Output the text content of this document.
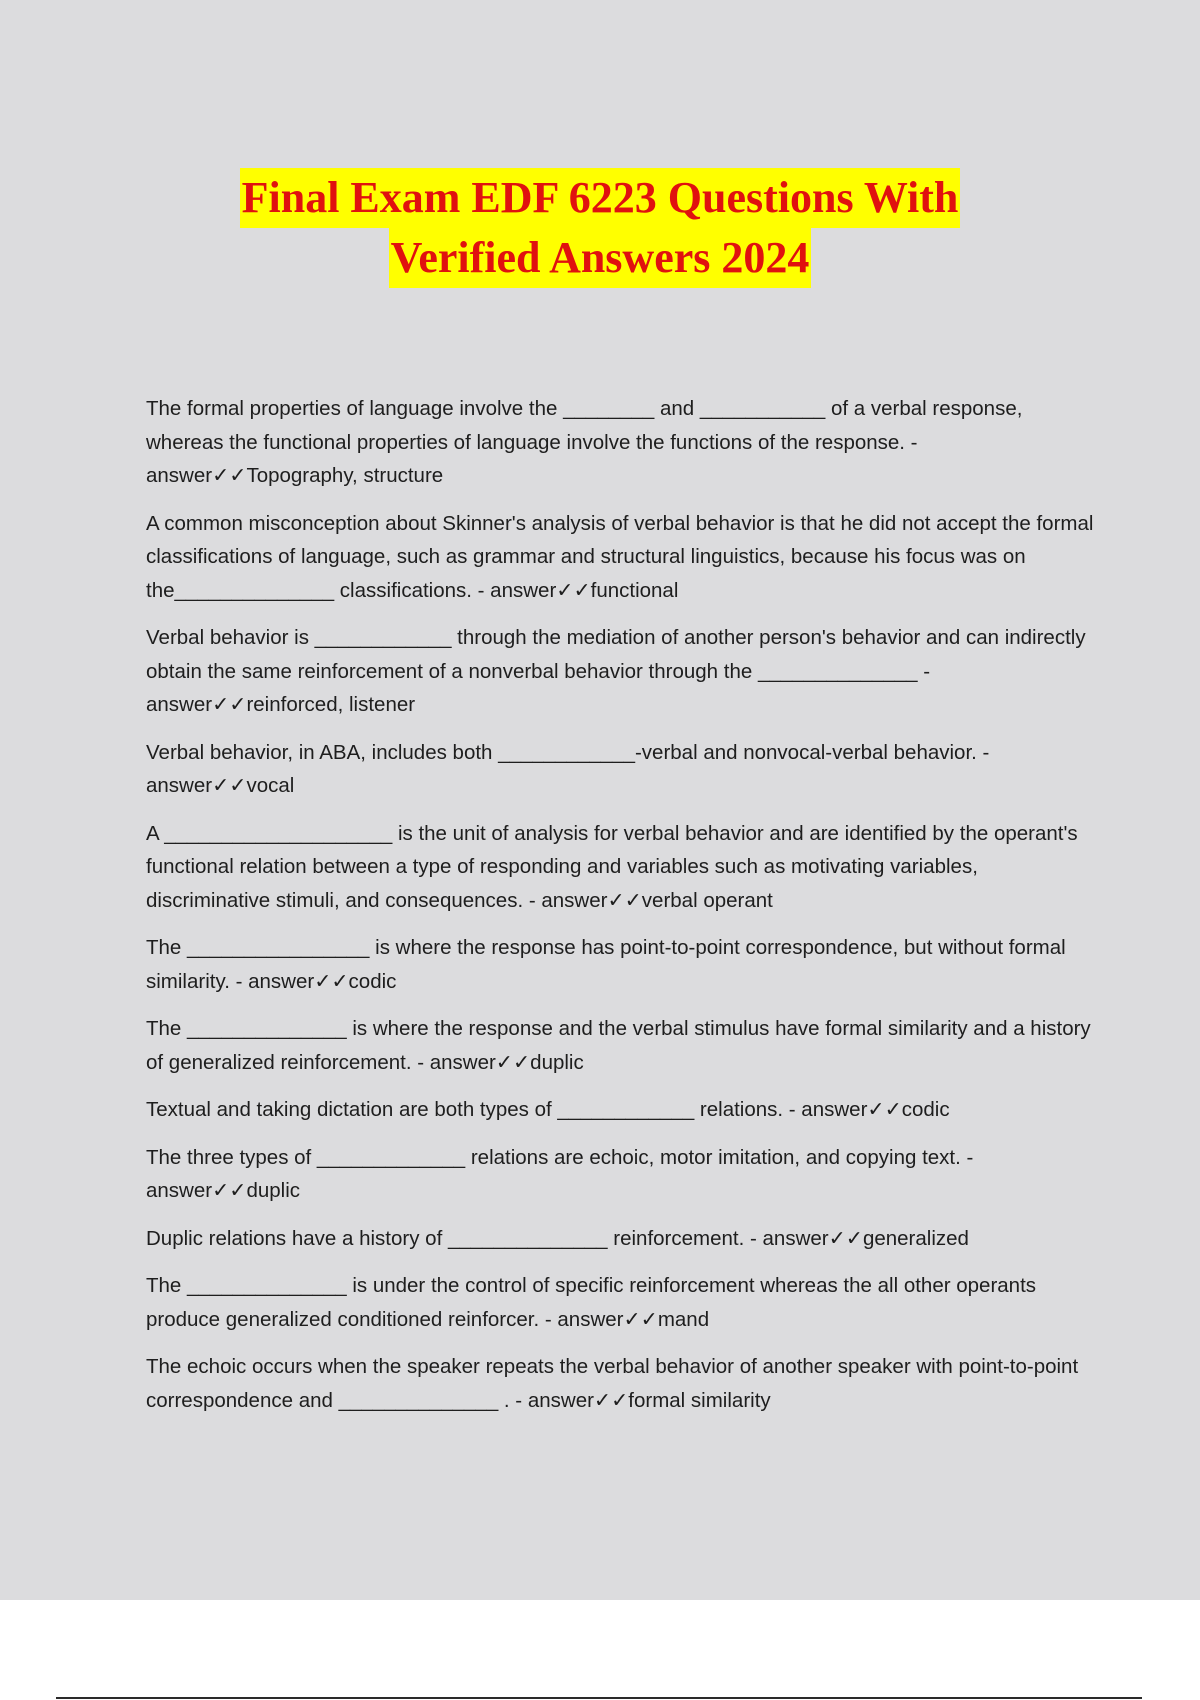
Final Exam EDF 6223 Questions With
Verified Answers 2024

The formal properties of language involve the ________ and ___________ of a verbal response, whereas the functional properties of language involve the functions of the response. - answer✓✓Topography, structure

A common misconception about Skinner's analysis of verbal behavior is that he did not accept the formal classifications of language, such as grammar and structural linguistics, because his focus was on the______________ classifications. - answer✓✓functional

Verbal behavior is ____________ through the mediation of another person's behavior and can indirectly obtain the same reinforcement of a nonverbal behavior through the ______________ - answer✓✓reinforced, listener

Verbal behavior, in ABA, includes both ____________-verbal and nonvocal-verbal behavior. - answer✓✓vocal

A ____________________ is the unit of analysis for verbal behavior and are identified by the operant's functional relation between a type of responding and variables such as motivating variables, discriminative stimuli, and consequences. - answer✓✓verbal operant

The ________________ is where the response has point-to-point correspondence, but without formal similarity. - answer✓✓codic

The ______________ is where the response and the verbal stimulus have formal similarity and a history of generalized reinforcement. - answer✓✓duplic

Textual and taking dictation are both types of ____________ relations. - answer✓✓codic

The three types of _____________ relations are echoic, motor imitation, and copying text. - answer✓✓duplic

Duplic relations have a history of ______________ reinforcement. - answer✓✓generalized

The ______________ is under the control of specific reinforcement whereas the all other operants produce generalized conditioned reinforcer. - answer✓✓mand

The echoic occurs when the speaker repeats the verbal behavior of another speaker with point-to-point correspondence and ______________ . - answer✓✓formal similarity
